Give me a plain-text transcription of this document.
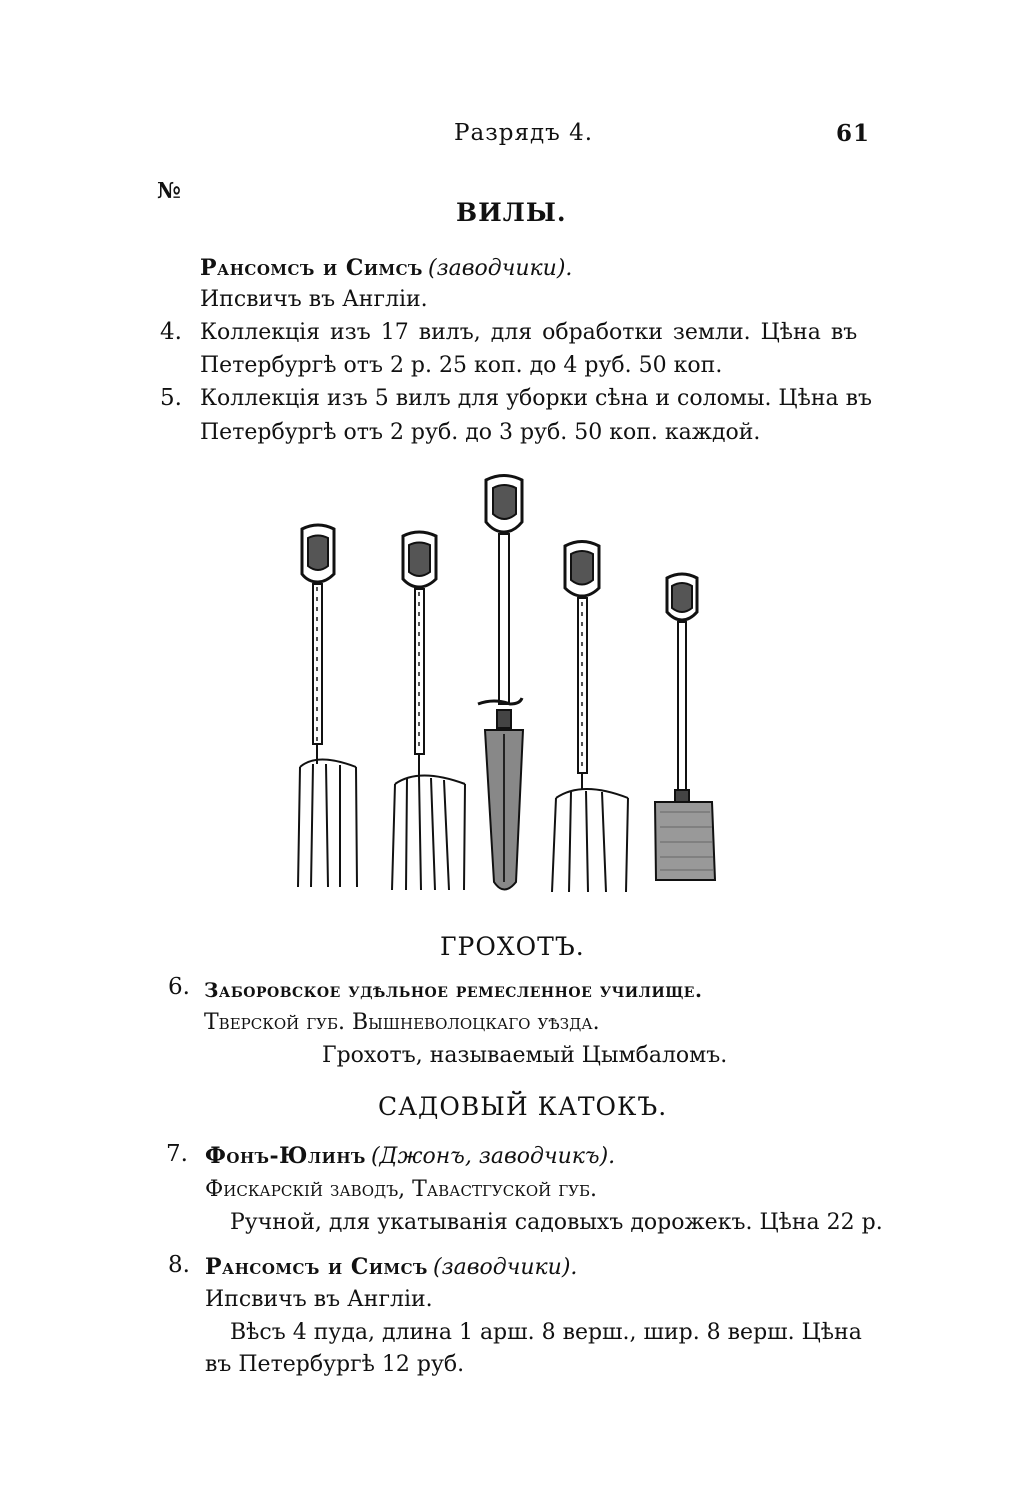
Разрядъ 4.	61
№
ВИЛЫ.
Рансомсъ и Симсъ (заводчики).
Ипсвичъ въ Англіи.
4. Коллекція изъ 17 вилъ, для обработки земли. Цѣна въ
Петербургѣ отъ 2 р. 25 коп. до 4 руб. 50 коп.
5. Коллекція изъ 5 вилъ для уборки сѣна и соломы. Цѣна въ
Петербургѣ отъ 2 руб. до 3 руб. 50 коп. каждой.
ГРОХОТЪ.
6. Заборовское удѣльное ремесленное училище.
Тверской губ. Вышневолоцкаго уѣзда.
Грохотъ, называемый Цымбаломъ.
САДОВЫЙ КАТОКЪ.
7. Фонъ-Юлинъ (Джонъ, заводчикъ).
Фискарскій заводъ, Тавастгуской губ.
Ручной, для укатыванія садовыхъ дорожекъ. Цѣна 22 р.
8. Рансомсъ и Симсъ (заводчики).
Ипсвичъ въ Англіи.
Вѣсъ 4 пуда, длина 1 арш. 8 верш., шир. 8 верш. Цѣна
въ Петербургѣ 12 руб.
